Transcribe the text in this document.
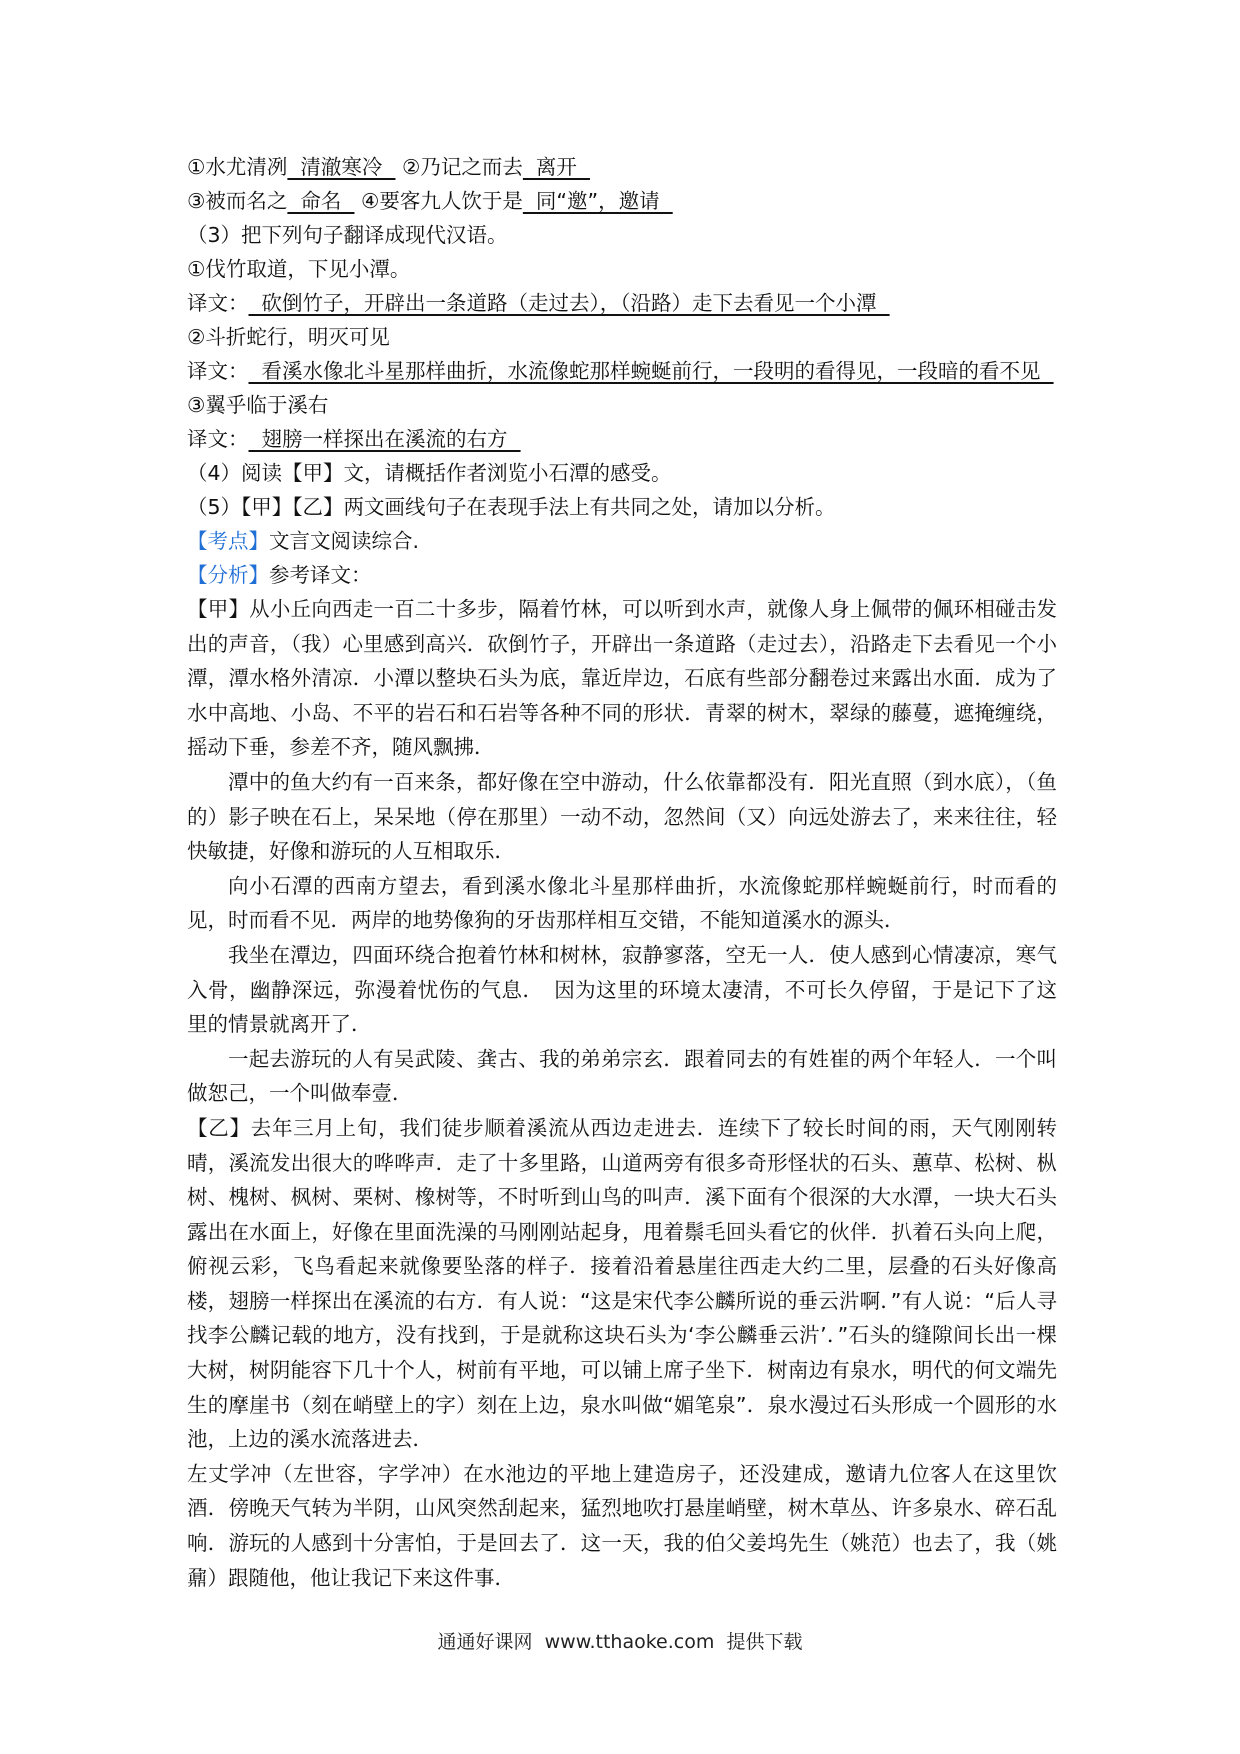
①水尤清冽  清澈寒冷   ②乃记之而去  离开
③被而名之  命名   ④要客九人饮于是  同“邀”，邀请
（3）把下列句子翻译成现代汉语。
①伐竹取道，下见小潭。
译文：  砍倒竹子，开辟出一条道路（走过去），（沿路）走下去看见一个小潭
②斗折蛇行，明灭可见
译文：  看溪水像北斗星那样曲折，水流像蛇那样蜿蜒前行，一段明的看得见，一段暗的看不见
③翼乎临于溪右
译文：  翅膀一样探出在溪流的右方
（4）阅读【甲】文，请概括作者浏览小石潭的感受。
（5）【甲】【乙】两文画线句子在表现手法上有共同之处，请加以分析。
【考点】文言文阅读综合.
【分析】参考译文：

【甲】从小丘向西走一百二十多步，隔着竹林，可以听到水声，就像人身上佩带的佩环相碰击发出的声音，（我）心里感到高兴．砍倒竹子，开辟出一条道路（走过去），沿路走下去看见一个小潭，潭水格外清凉．小潭以整块石头为底，靠近岸边，石底有些部分翻卷过来露出水面．成为了水中高地、小岛、不平的岩石和石岩等各种不同的形状．青翠的树木，翠绿的藤蔓，遮掩缠绕，摇动下垂，参差不齐，随风飘拂．

潭中的鱼大约有一百来条，都好像在空中游动，什么依靠都没有．阳光直照（到水底），（鱼的）影子映在石上，呆呆地（停在那里）一动不动，忽然间（又）向远处游去了，来来往往，轻快敏捷，好像和游玩的人互相取乐．

向小石潭的西南方望去，看到溪水像北斗星那样曲折，水流像蛇那样蜿蜒前行，时而看的见，时而看不见．两岸的地势像狗的牙齿那样相互交错，不能知道溪水的源头．

我坐在潭边，四面环绕合抱着竹林和树林，寂静寥落，空无一人．使人感到心情凄凉，寒气入骨，幽静深远，弥漫着忧伤的气息．　因为这里的环境太凄清，不可长久停留，于是记下了这里的情景就离开了．

一起去游玩的人有吴武陵、龚古、我的弟弟宗玄．跟着同去的有姓崔的两个年轻人．一个叫做恕己，一个叫做奉壹．

【乙】去年三月上旬，我们徒步顺着溪流从西边走进去．连续下了较长时间的雨，天气刚刚转晴，溪流发出很大的哗哗声．走了十多里路，山道两旁有很多奇形怪状的石头、蕙草、松树、枞树、槐树、枫树、栗树、橡树等，不时听到山鸟的叫声．溪下面有个很深的大水潭，一块大石头露出在水面上，好像在里面洗澡的马刚刚站起身，甩着鬃毛回头看它的伙伴．扒着石头向上爬，俯视云彩，飞鸟看起来就像要坠落的样子．接着沿着悬崖往西走大约二里，层叠的石头好像高楼，翅膀一样探出在溪流的右方．有人说：“这是宋代李公麟所说的垂云沜啊．”有人说：“后人寻找李公麟记载的地方，没有找到，于是就称这块石头为‘李公麟垂云沜’．”石头的缝隙间长出一棵大树，树阴能容下几十个人，树前有平地，可以铺上席子坐下．树南边有泉水，明代的何文端先生的摩崖书（刻在峭壁上的字）刻在上边，泉水叫做“媚笔泉”．泉水漫过石头形成一个圆形的水池，上边的溪水流落进去．

左丈学冲（左世容，字学冲）在水池边的平地上建造房子，还没建成，邀请九位客人在这里饮酒．傍晚天气转为半阴，山风突然刮起来，猛烈地吹打悬崖峭壁，树木草丛、许多泉水、碎石乱响．游玩的人感到十分害怕，于是回去了．这一天，我的伯父姜坞先生（姚范）也去了，我（姚鼐）跟随他，他让我记下来这件事．

通通好课网  www.tthaoke.com  提供下载
